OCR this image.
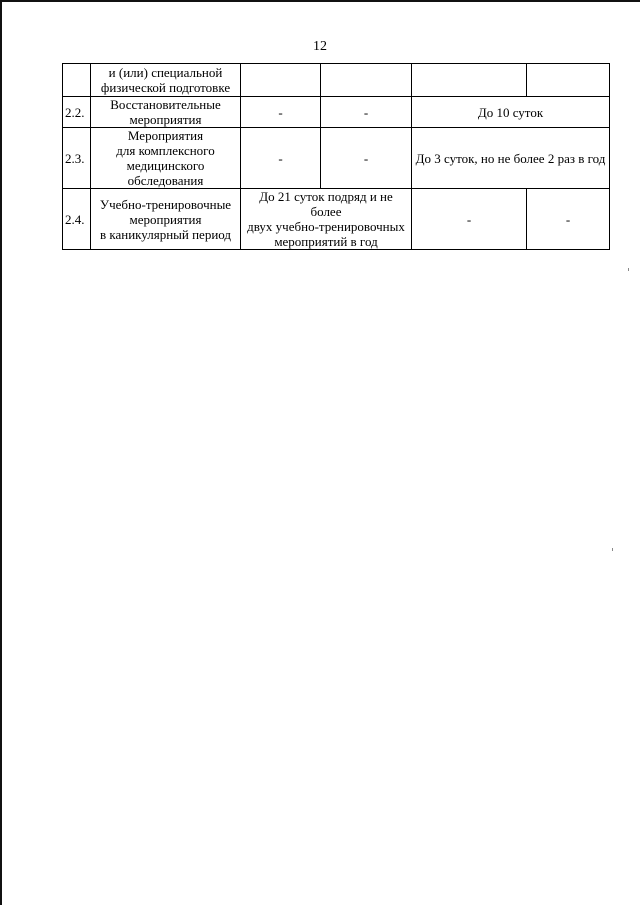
12

	и (или) специальной
физической подготовке				

2.2.	Восстановительные
мероприятия	-	-	До 10 суток	
2.3.	Мероприятия
для комплексного
медицинского
обследования	-	-	До 3 суток, но не более 2 раз в год	
2.4.	Учебно-тренировочные
мероприятия
в каникулярный период	До 21 суток подряд и не более
двух учебно-тренировочных
мероприятий в год		-	-
